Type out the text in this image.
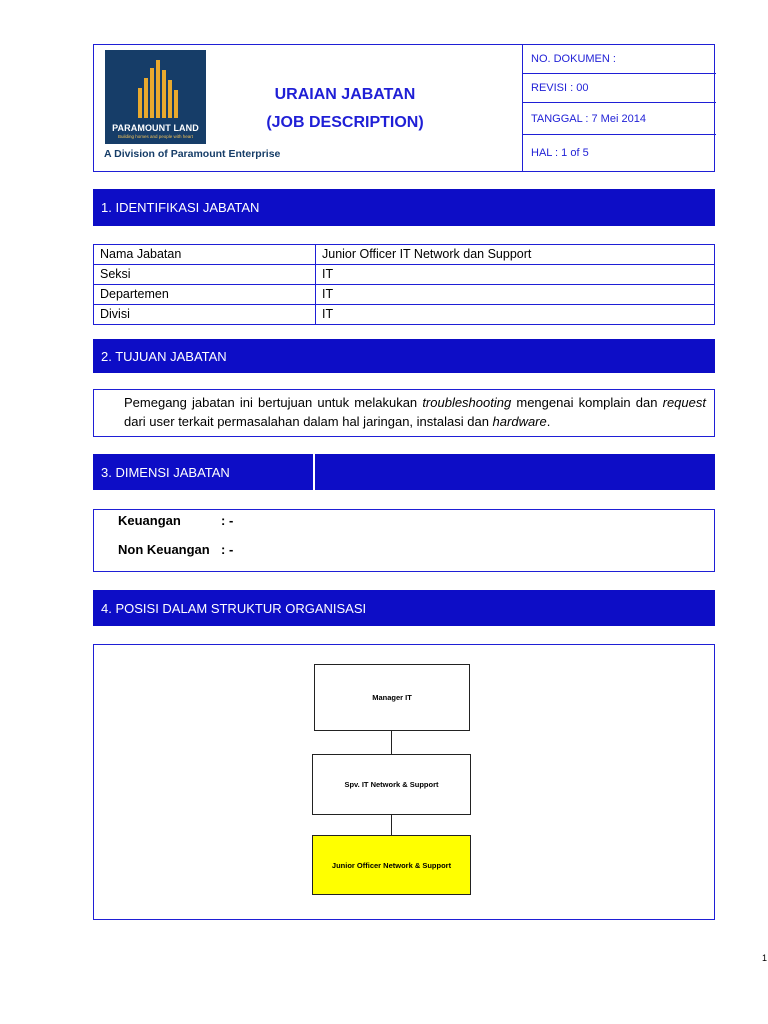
PARAMOUNT LAND
Building homes and people with heart
A Division of Paramount Enterprise
URAIAN JABATAN
(JOB DESCRIPTION)
NO. DOKUMEN :
REVISI : 00
TANGGAL : 7 Mei 2014
HAL : 1 of 5
1. IDENTIFIKASI JABATAN
Nama Jabatan	Junior Officer IT Network dan Support
Seksi	IT
Departemen	IT
Divisi	IT
2. TUJUAN JABATAN
Pemegang jabatan ini bertujuan untuk melakukan troubleshooting mengenai komplain dan request dari user terkait permasalahan dalam hal jaringan, instalasi dan hardware.
3. DIMENSI JABATAN
Keuangan	: -
Non Keuangan : -
4. POSISI DALAM STRUKTUR ORGANISASI
Manager IT
Spv. IT Network & Support
Junior Officer Network & Support
1
